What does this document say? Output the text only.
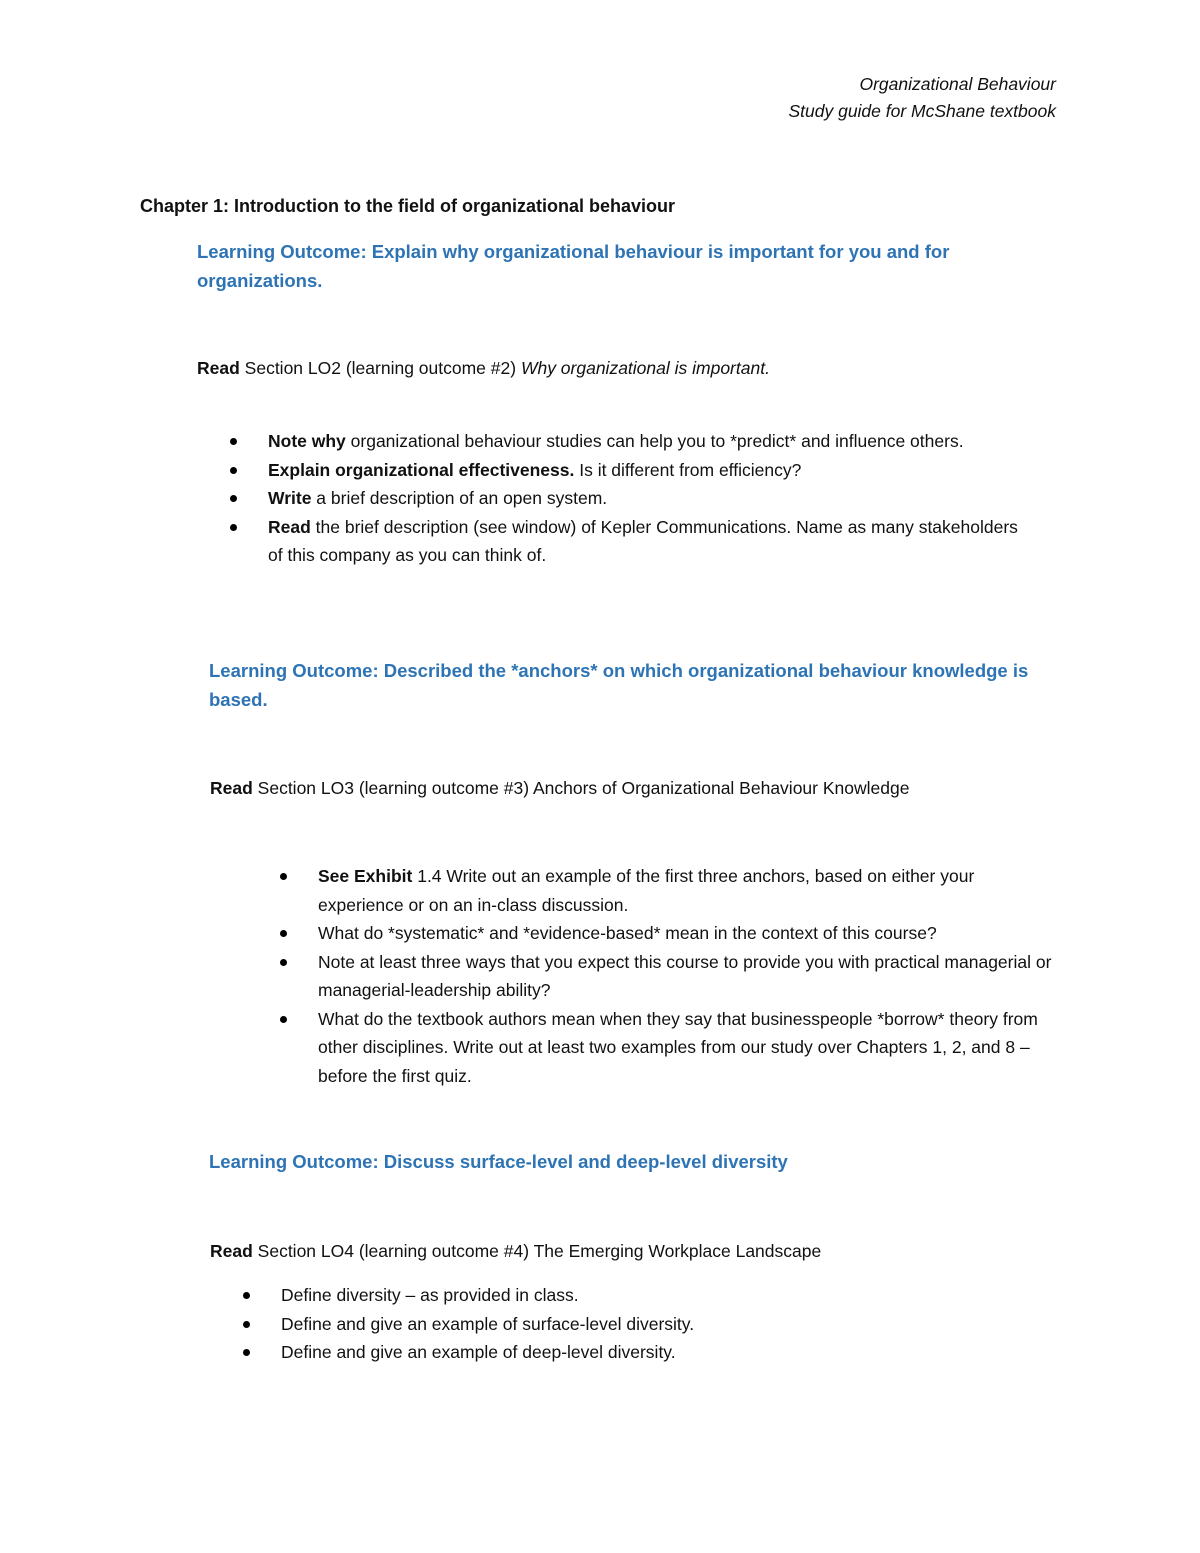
Organizational Behaviour
Study guide for McShane textbook
Chapter 1: Introduction to the field of organizational behaviour
Learning Outcome: Explain why organizational behaviour is important for you and for organizations.
Read Section LO2 (learning outcome #2) Why organizational is important.
Note why organizational behaviour studies can help you to *predict* and influence others.
Explain organizational effectiveness. Is it different from efficiency?
Write a brief description of an open system.
Read the brief description (see window) of Kepler Communications. Name as many stakeholders of this company as you can think of.
Learning Outcome: Described the *anchors* on which organizational behaviour knowledge is based.
Read Section LO3 (learning outcome #3) Anchors of Organizational Behaviour Knowledge
See Exhibit 1.4 Write out an example of the first three anchors, based on either your experience or on an in-class discussion.
What do *systematic* and *evidence-based* mean in the context of this course?
Note at least three ways that you expect this course to provide you with practical managerial or managerial-leadership ability?
What do the textbook authors mean when they say that businesspeople *borrow* theory from other disciplines. Write out at least two examples from our study over Chapters 1, 2, and 8 – before the first quiz.
Learning Outcome: Discuss surface-level and deep-level diversity
Read Section LO4 (learning outcome #4) The Emerging Workplace Landscape
Define diversity – as provided in class.
Define and give an example of surface-level diversity.
Define and give an example of deep-level diversity.
